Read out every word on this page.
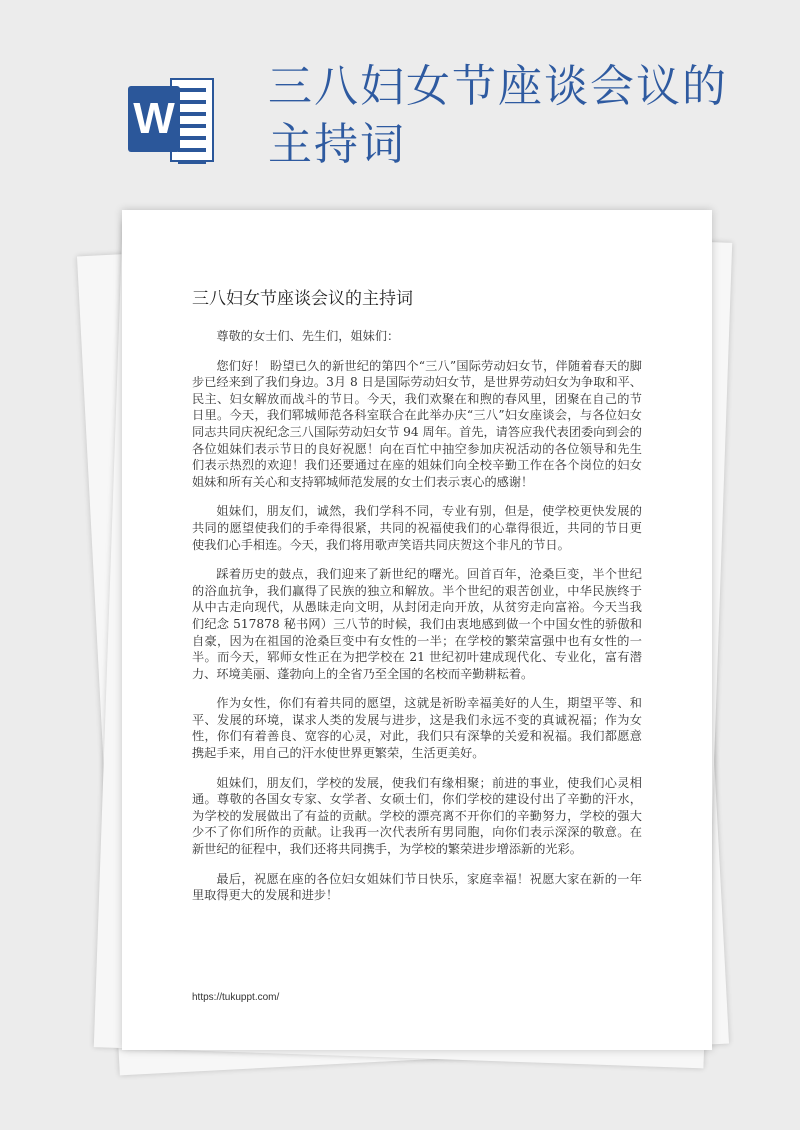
W
三八妇女节座谈会议的主持词
三八妇女节座谈会议的主持词

尊敬的女士们、先生们，姐妹们：

您们好！ 盼望已久的新世纪的第四个“三八”国际劳动妇女节，伴随着春天的脚步已经来到了我们身边。3月 8 日是国际劳动妇女节，是世界劳动妇女为争取和平、民主、妇女解放而战斗的节日。今天，我们欢聚在和煦的春风里，团聚在自己的节日里。今天，我们郓城师范各科室联合在此举办庆“三八”妇女座谈会，与各位妇女同志共同庆祝纪念三八国际劳动妇女节 94 周年。首先，请答应我代表团委向到会的各位姐妹们表示节日的良好祝愿！向在百忙中抽空参加庆祝活动的各位领导和先生们表示热烈的欢迎！我们还要通过在座的姐妹们向全校辛勤工作在各个岗位的妇女姐妹和所有关心和支持郓城师范发展的女士们表示衷心的感谢！

姐妹们，朋友们，诚然，我们学科不同，专业有别，但是，使学校更快发展的共同的愿望使我们的手牵得很紧，共同的祝福使我们的心靠得很近，共同的节日更使我们心手相连。今天，我们将用歌声笑语共同庆贺这个非凡的节日。

踩着历史的鼓点，我们迎来了新世纪的曙光。回首百年，沧桑巨变，半个世纪的浴血抗争，我们赢得了民族的独立和解放。半个世纪的艰苦创业，中华民族终于从中古走向现代，从愚昧走向文明，从封闭走向开放，从贫穷走向富裕。今天当我们纪念 517878 秘书网）三八节的时候，我们由衷地感到做一个中国女性的骄傲和自豪，因为在祖国的沧桑巨变中有女性的一半；在学校的繁荣富强中也有女性的一半。而今天，郓师女性正在为把学校在 21 世纪初叶建成现代化、专业化，富有潜力、环境美丽、蓬勃向上的全省乃至全国的名校而辛勤耕耘着。

作为女性，你们有着共同的愿望，这就是祈盼幸福美好的人生，期望平等、和平、发展的环境，谋求人类的发展与进步，这是我们永远不变的真诚祝福；作为女性，你们有着善良、宽容的心灵，对此，我们只有深挚的关爱和祝福。我们都愿意携起手来，用自己的汗水使世界更繁荣，生活更美好。

姐妹们，朋友们，学校的发展，使我们有缘相聚；前进的事业，使我们心灵相通。尊敬的各国女专家、女学者、女硕士们，你们学校的建设付出了辛勤的汗水，为学校的发展做出了有益的贡献。学校的漂亮离不开你们的辛勤努力，学校的强大少不了你们所作的贡献。让我再一次代表所有男同胞，向你们表示深深的敬意。在新世纪的征程中，我们还将共同携手，为学校的繁荣进步增添新的光彩。

最后，祝愿在座的各位妇女姐妹们节日快乐，家庭幸福！祝愿大家在新的一年里取得更大的发展和进步！

https://tukuppt.com/
